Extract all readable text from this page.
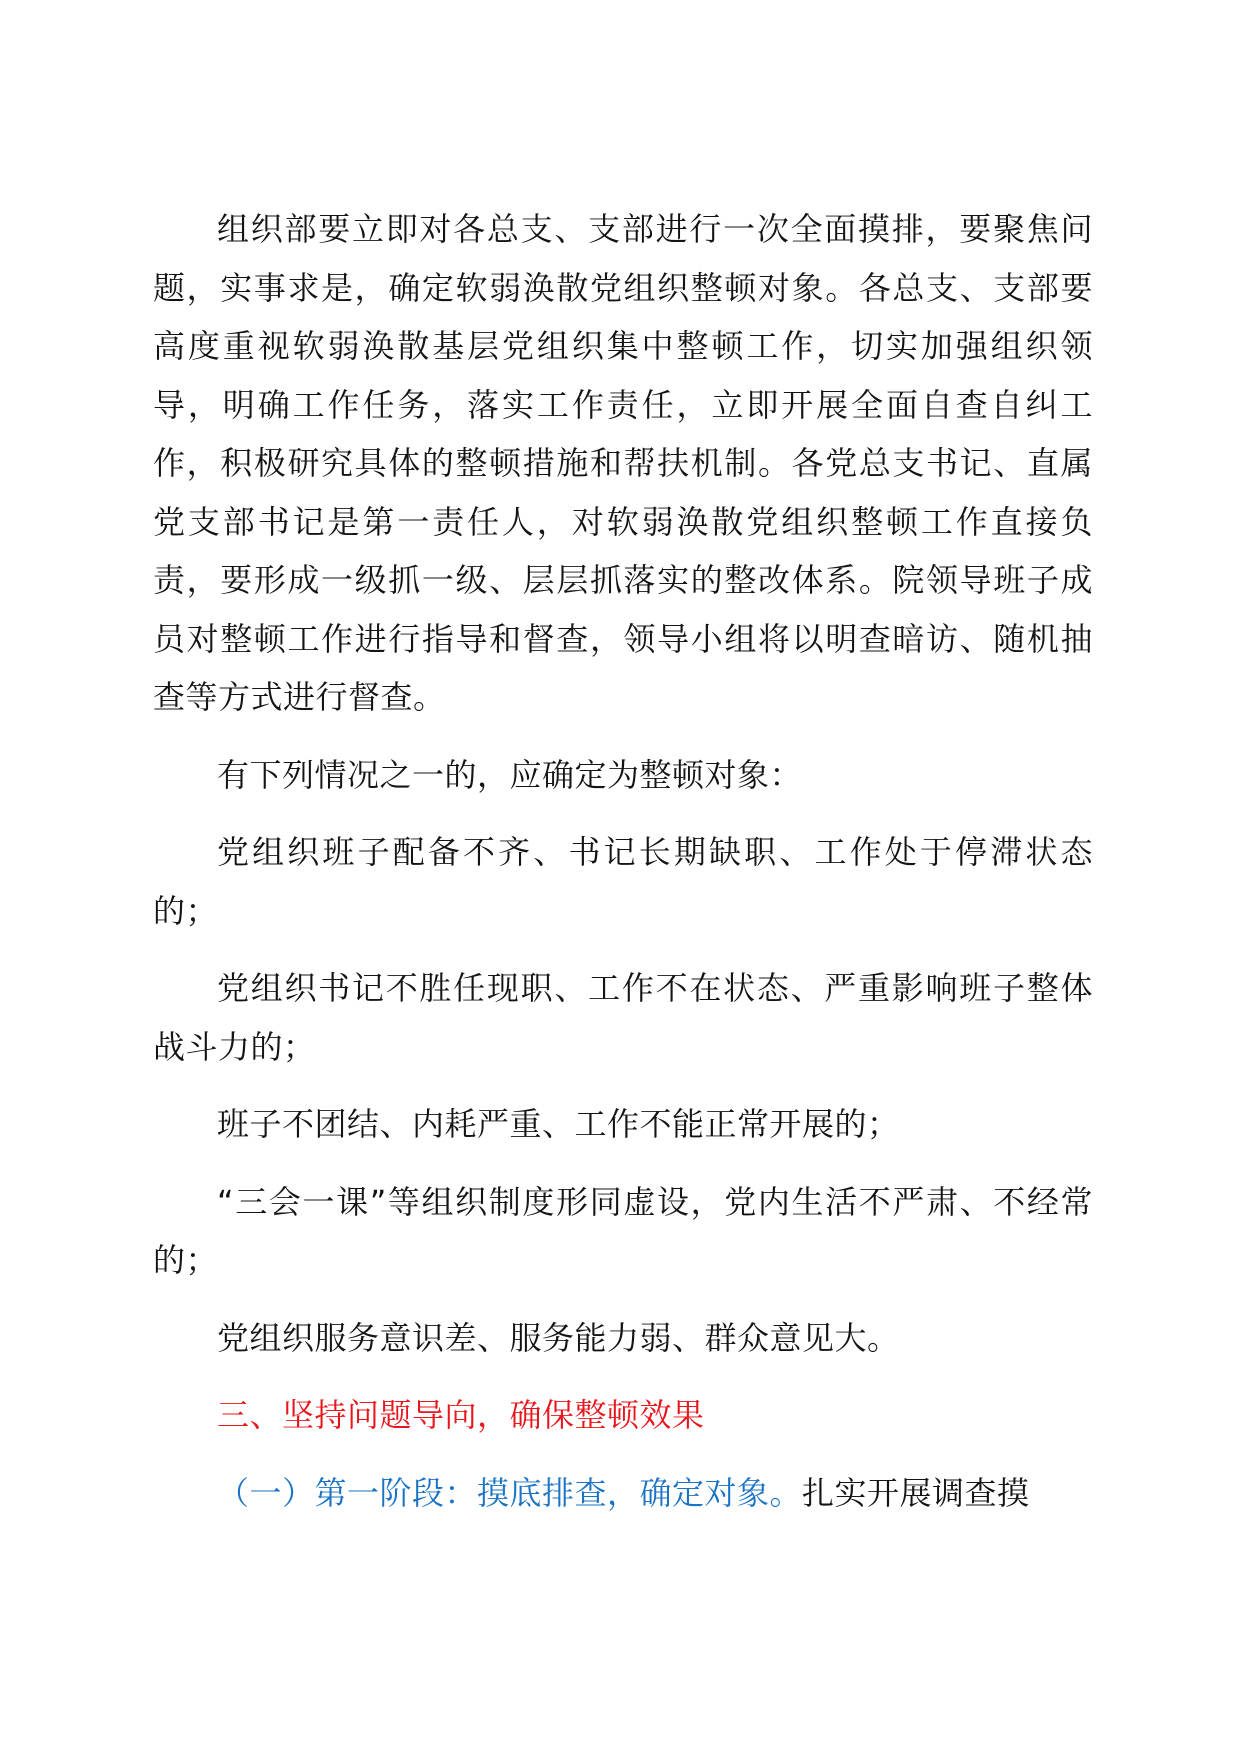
组织部要立即对各总支、支部进行一次全面摸排，要聚焦问题，实事求是，确定软弱涣散党组织整顿对象。各总支、支部要高度重视软弱涣散基层党组织集中整顿工作，切实加强组织领导，明确工作任务，落实工作责任，立即开展全面自查自纠工作，积极研究具体的整顿措施和帮扶机制。各党总支书记、直属党支部书记是第一责任人，对软弱涣散党组织整顿工作直接负责，要形成一级抓一级、层层抓落实的整改体系。院领导班子成员对整顿工作进行指导和督查，领导小组将以明查暗访、随机抽查等方式进行督查。

有下列情况之一的，应确定为整顿对象：

党组织班子配备不齐、书记长期缺职、工作处于停滞状态的；

党组织书记不胜任现职、工作不在状态、严重影响班子整体战斗力的；

班子不团结、内耗严重、工作不能正常开展的；

“三会一课”等组织制度形同虚设，党内生活不严肃、不经常的；

党组织服务意识差、服务能力弱、群众意见大。

三、坚持问题导向，确保整顿效果

（一）第一阶段：摸底排查，确定对象。扎实开展调查摸
